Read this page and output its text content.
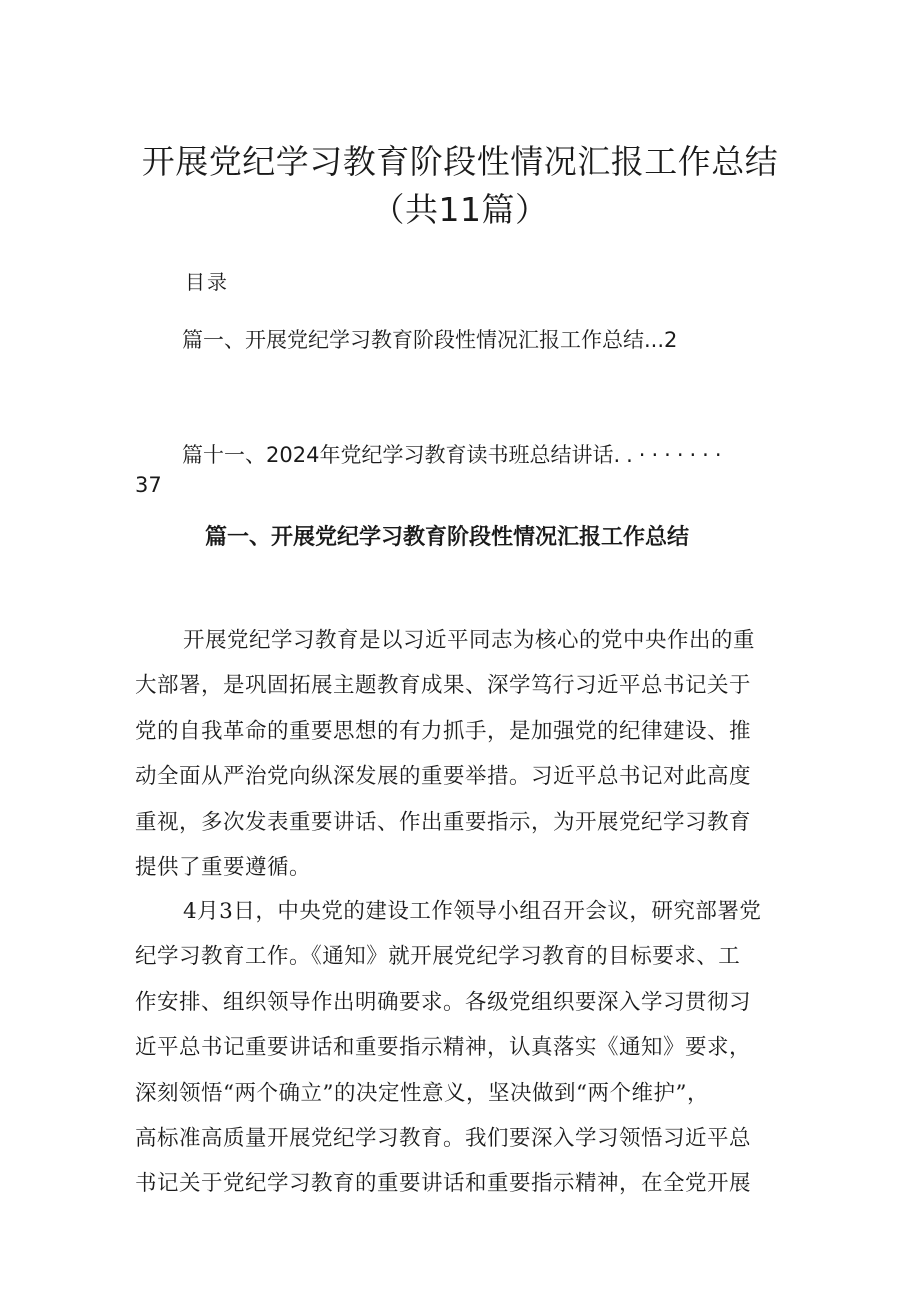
开展党纪学习教育阶段性情况汇报工作总结（共11篇）

目录

篇一、开展党纪学习教育阶段性情况汇报工作总结...2

篇十一、2024年党纪学习教育读书班总结讲话..·······

37

篇一、开展党纪学习教育阶段性情况汇报工作总结

开展党纪学习教育是以习近平同志为核心的党中央作出的重
大部署，是巩固拓展主题教育成果、深学笃行习近平总书记关于
党的自我革命的重要思想的有力抓手，是加强党的纪律建设、推
动全面从严治党向纵深发展的重要举措。习近平总书记对此高度
重视，多次发表重要讲话、作出重要指示，为开展党纪学习教育
提供了重要遵循。

4月3日，中央党的建设工作领导小组召开会议，研究部署党
纪学习教育工作。《通知》就开展党纪学习教育的目标要求、工
作安排、组织领导作出明确要求。各级党组织要深入学习贯彻习
近平总书记重要讲话和重要指示精神，认真落实《通知》要求，
深刻领悟“两个确立”的决定性意义，坚决做到“两个维护”，
高标准高质量开展党纪学习教育。我们要深入学习领悟习近平总
书记关于党纪学习教育的重要讲话和重要指示精神，在全党开展
